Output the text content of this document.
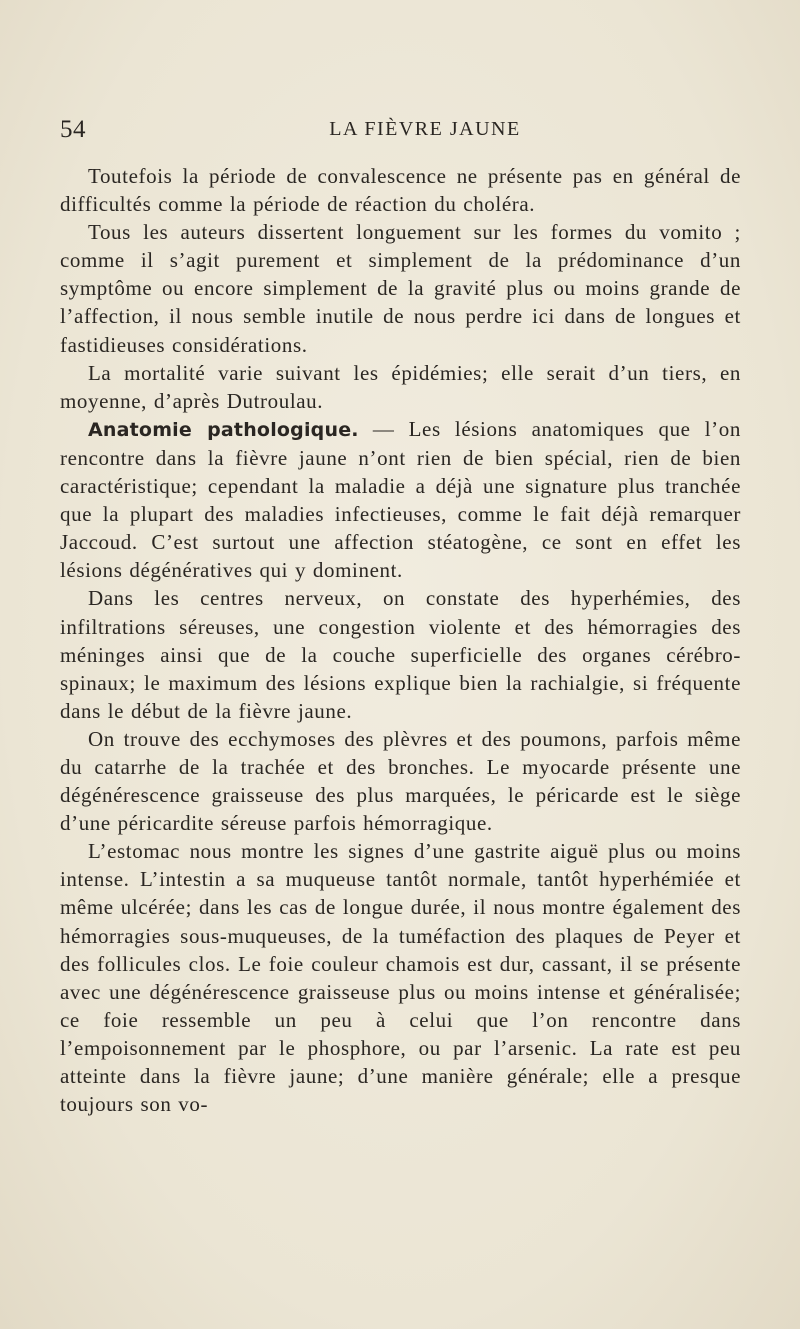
54	LA FIÈVRE JAUNE

Toutefois la période de convalescence ne présente pas en général de difficultés comme la période de réaction du choléra.

Tous les auteurs dissertent longuement sur les formes du vomito ; comme il s’agit purement et simplement de la prédominance d’un symptôme ou encore simplement de la gravité plus ou moins grande de l’affection, il nous semble inutile de nous perdre ici dans de longues et fastidieuses considérations.

La mortalité varie suivant les épidémies; elle serait d’un tiers, en moyenne, d’après Dutroulau.

Anatomie pathologique. — Les lésions anatomiques que l’on rencontre dans la fièvre jaune n’ont rien de bien spécial, rien de bien caractéristique; cependant la maladie a déjà une signature plus tranchée que la plupart des maladies infectieuses, comme le fait déjà remarquer Jaccoud. C’est surtout une affection stéatogène, ce sont en effet les lésions dégénératives qui y dominent.

Dans les centres nerveux, on constate des hyperhémies, des infiltrations séreuses, une congestion violente et des hémorragies des méninges ainsi que de la couche superficielle des organes cérébro-spinaux; le maximum des lésions explique bien la rachialgie, si fréquente dans le début de la fièvre jaune.

On trouve des ecchymoses des plèvres et des poumons, parfois même du catarrhe de la trachée et des bronches. Le myocarde présente une dégénérescence graisseuse des plus marquées, le péricarde est le siège d’une péricardite séreuse parfois hémorragique.

L’estomac nous montre les signes d’une gastrite aiguë plus ou moins intense. L’intestin a sa muqueuse tantôt normale, tantôt hyperhémiée et même ulcérée; dans les cas de longue durée, il nous montre également des hémorragies sous-muqueuses, de la tuméfaction des plaques de Peyer et des follicules clos. Le foie couleur chamois est dur, cassant, il se présente avec une dégénérescence graisseuse plus ou moins intense et généralisée; ce foie ressemble un peu à celui que l’on rencontre dans l’empoisonnement par le phosphore, ou par l’arsenic. La rate est peu atteinte dans la fièvre jaune; d’une manière générale; elle a presque toujours son vo-
